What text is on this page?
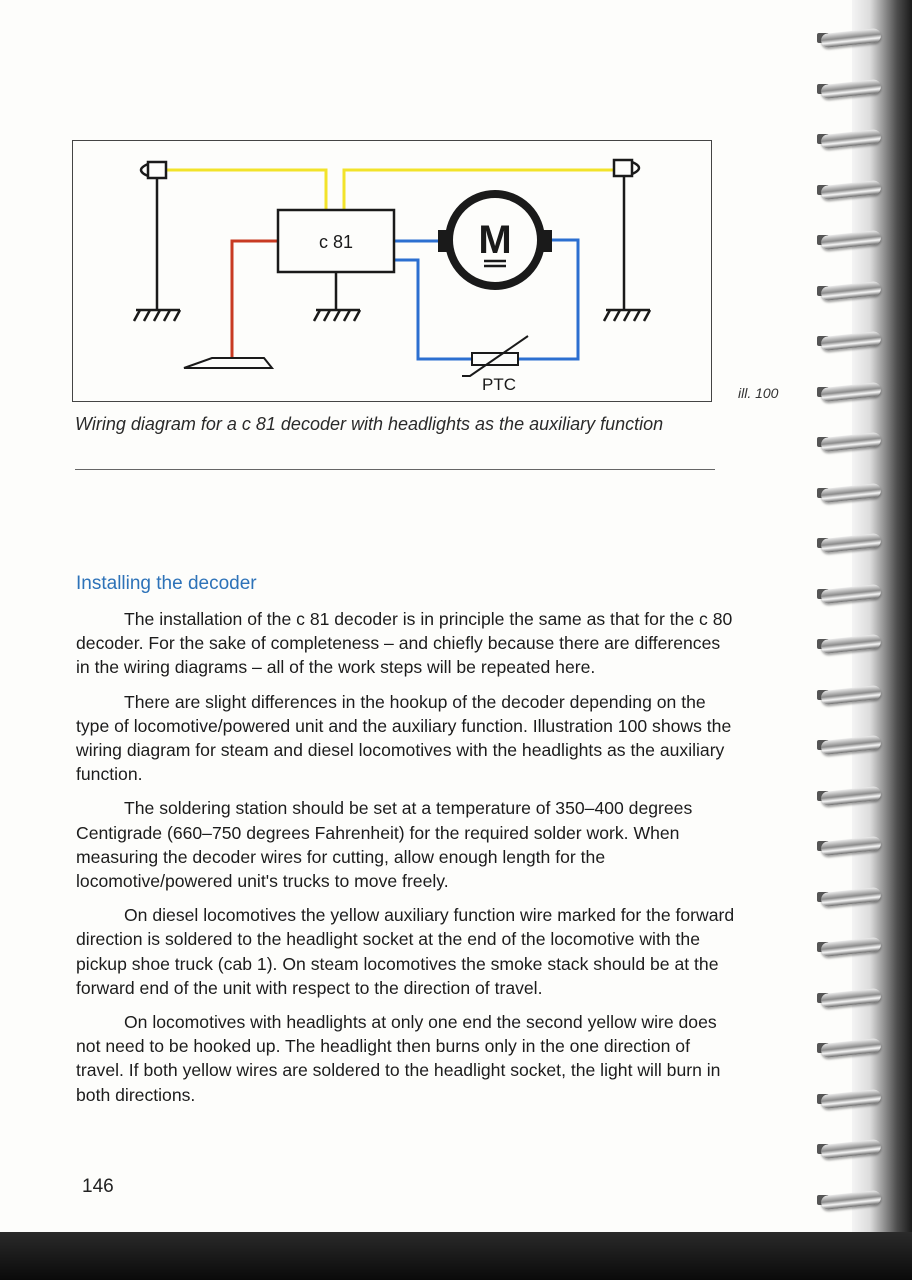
c 81	M
PTC	ill. 100

Wiring diagram for a c 81 decoder with headlights as the auxiliary function

Installing the decoder

The installation of the c 81 decoder is in principle the same as that for the c 80 decoder. For the sake of completeness – and chiefly because there are differences in the wiring diagrams – all of the work steps will be repeated here.

There are slight differences in the hookup of the decoder depending on the type of locomotive/powered unit and the auxiliary function. Illustration 100 shows the wiring diagram for steam and diesel locomotives with the headlights as the auxiliary function.

The soldering station should be set at a temperature of 350–400 degrees Centigrade (660–750 degrees Fahrenheit) for the required solder work. When measuring the decoder wires for cutting, allow enough length for the locomotive/powered unit's trucks to move freely.

On diesel locomotives the yellow auxiliary function wire marked for the forward direction is soldered to the headlight socket at the end of the locomotive with the pickup shoe truck (cab 1). On steam locomotives the smoke stack should be at the forward end of the unit with respect to the direction of travel.

On locomotives with headlights at only one end the second yellow wire does not need to be hooked up. The headlight then burns only in the one direction of travel. If both yellow wires are soldered to the headlight socket, the light will burn in both directions.

146
